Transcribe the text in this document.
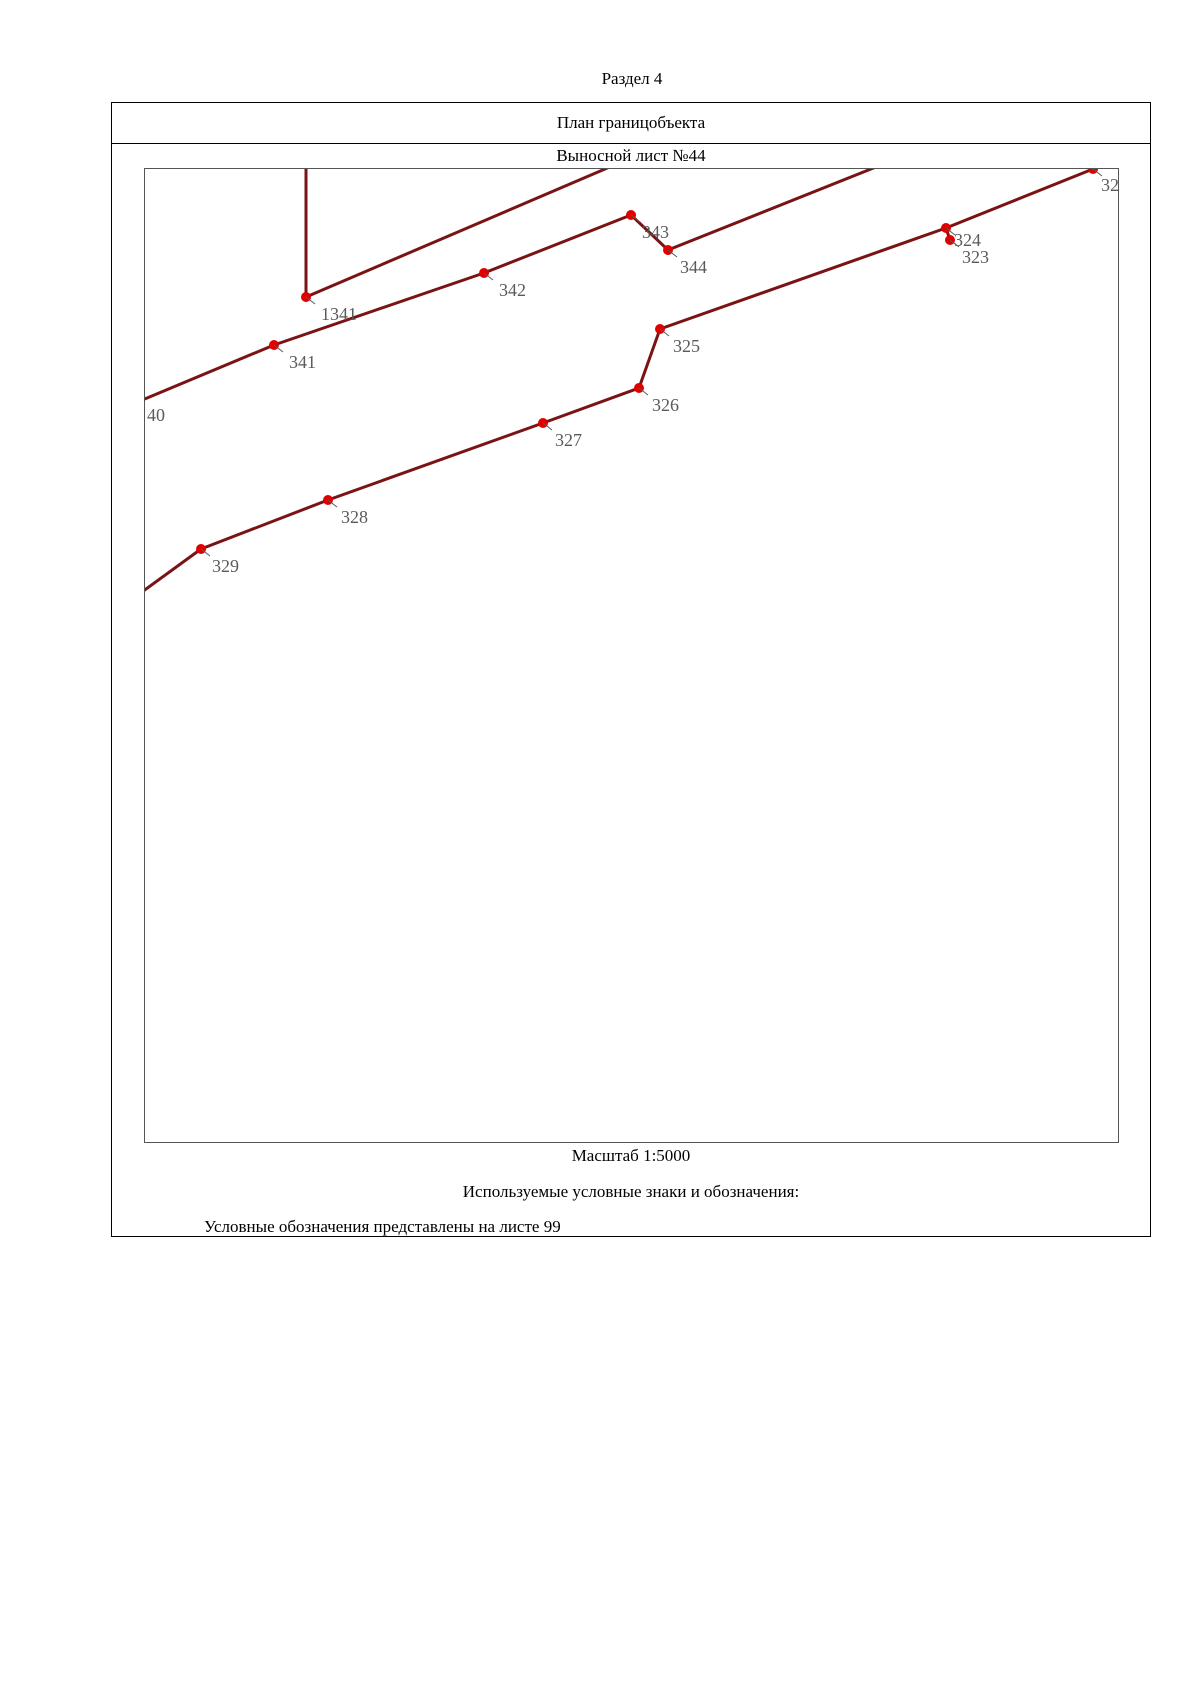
Раздел 4
План границобъекта
Выносной лист №44
1341
342
341
40
343
344
324
323
32
325
326
327
328
329
Масштаб 1:5000
Используемые условные знаки и обозначения:
Условные обозначения представлены на листе 99
